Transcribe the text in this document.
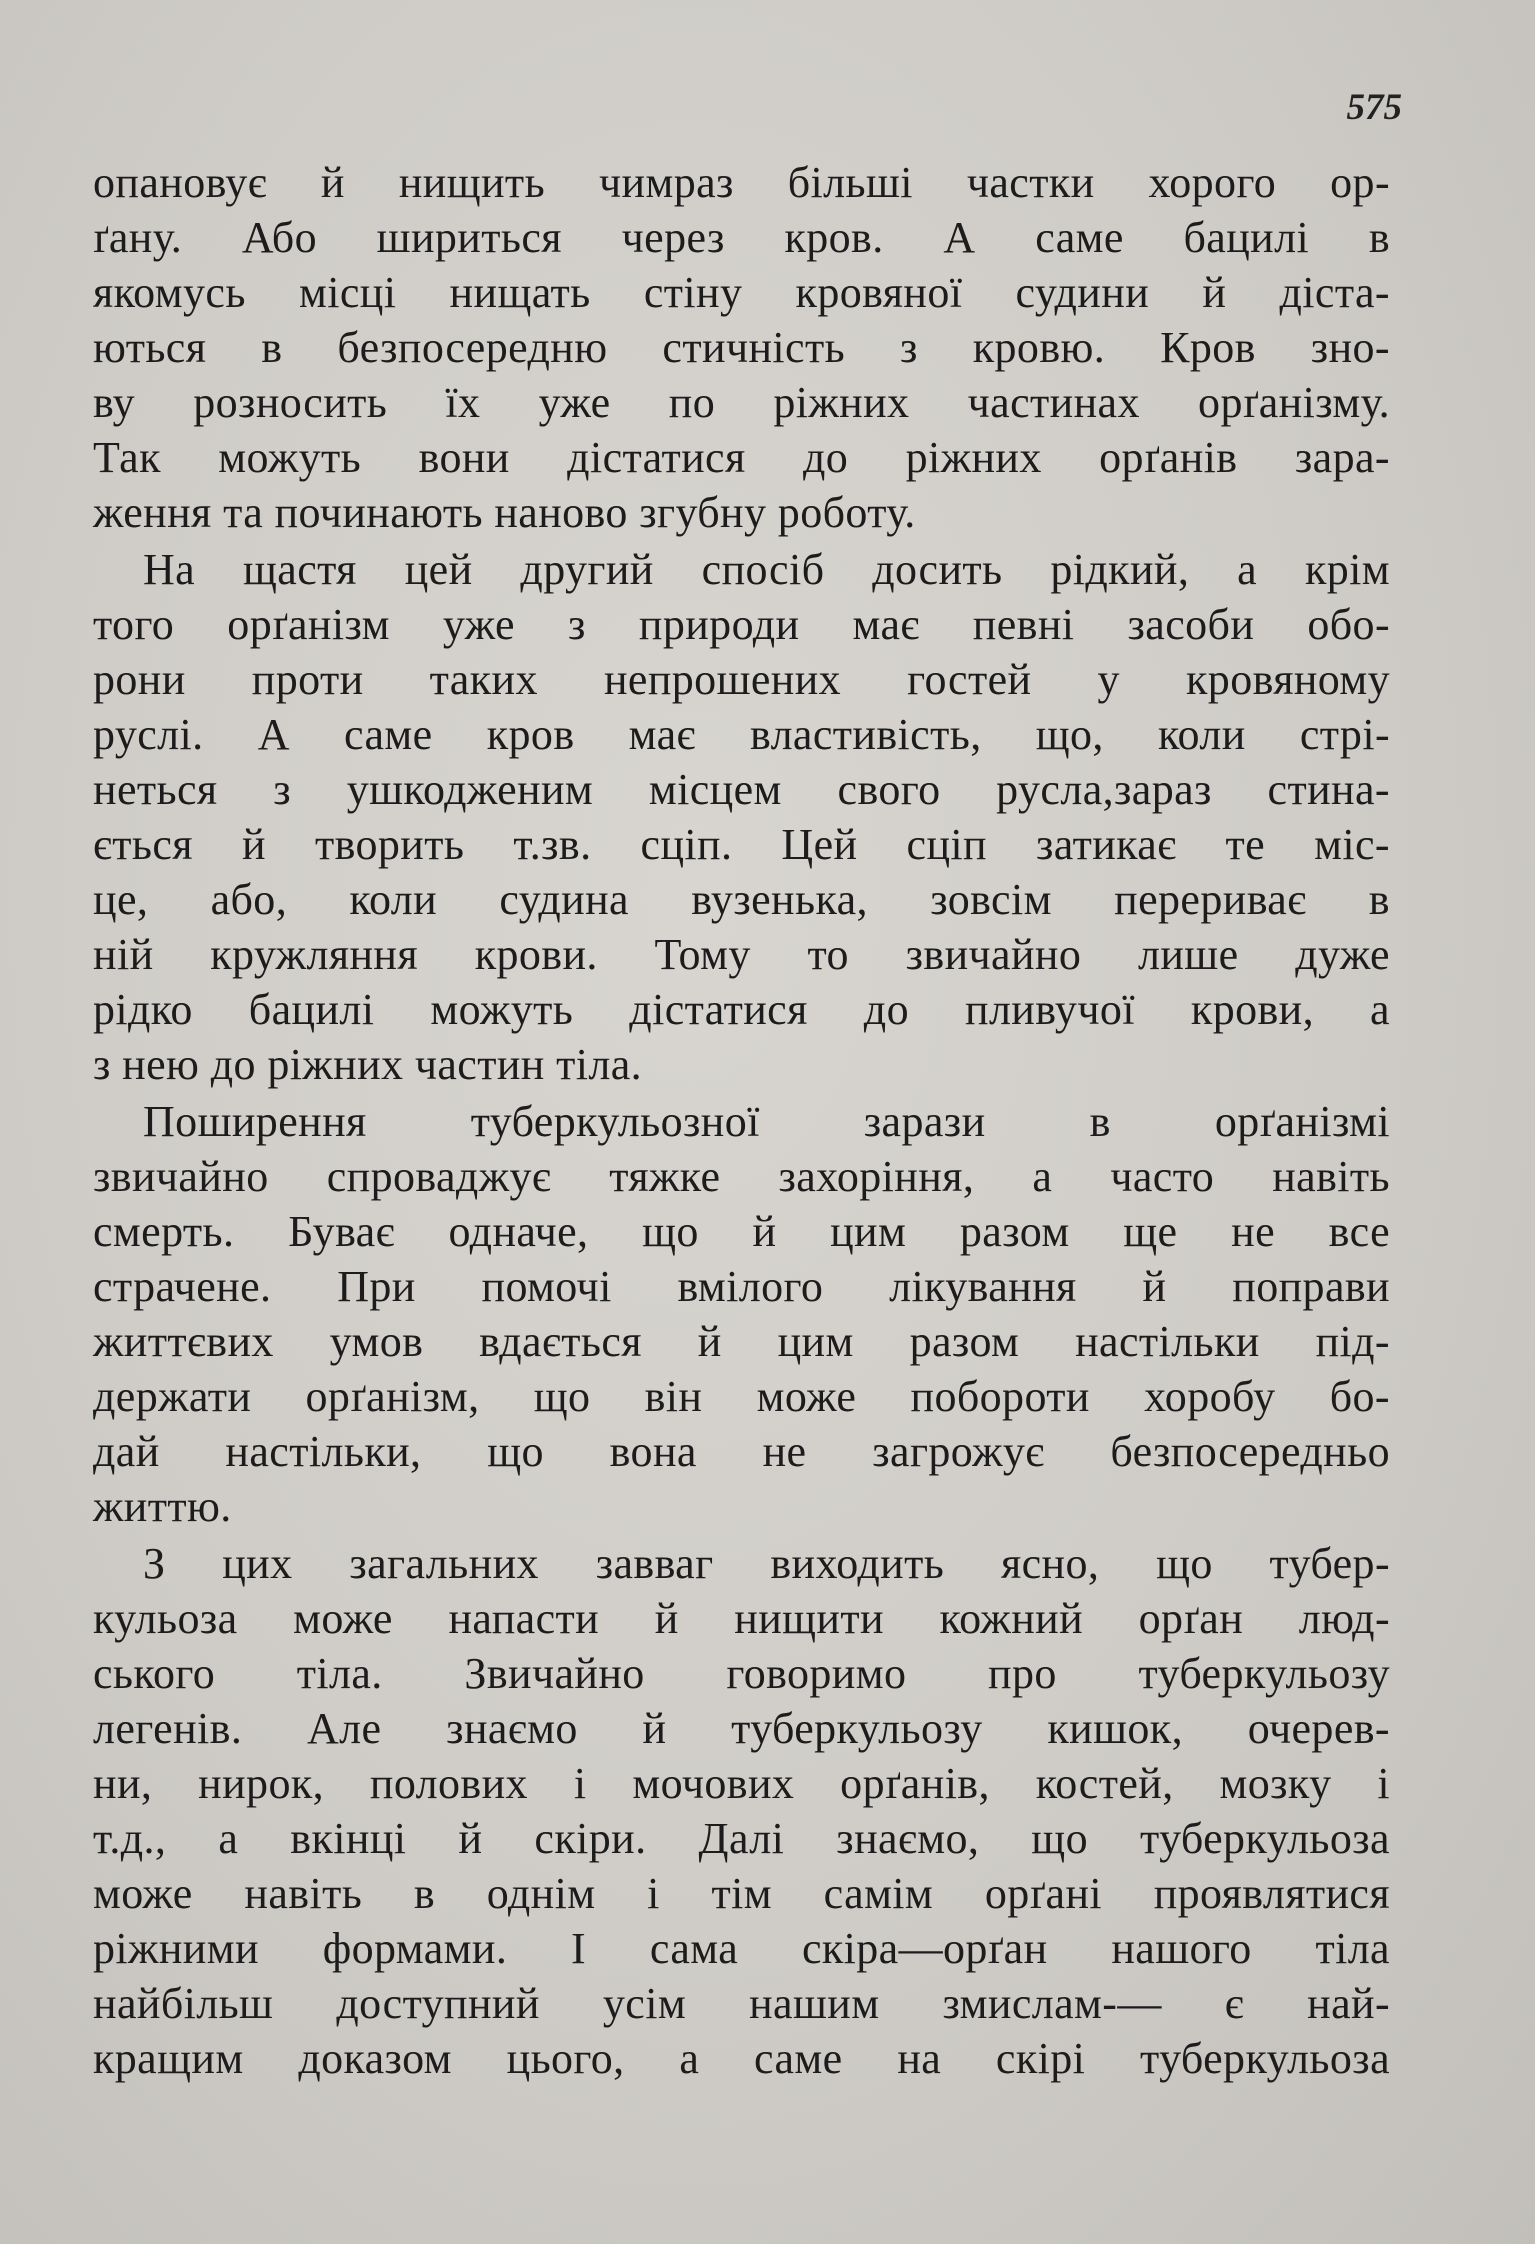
575

опановує й нищить чимраз більші частки хорого ор-
ґану. Або шириться через кров. А саме бацилі в
якомусь місці нищать стіну кровяної судини й діста-
ються в безпосередню стичність з кровю. Кров зно-
ву розносить їх уже по ріжних частинах орґанізму.
Так можуть вони дістатися до ріжних орґанів зара-
ження та починають наново згубну роботу.
На щастя цей другий спосіб досить рідкий, а крім
того орґанізм уже з природи має певні засоби обо-
рони проти таких непрошених гостей у кровяному
руслі. А саме кров має властивість, що, коли стрі-
неться з ушкодженим місцем свого русла,зараз стина-
ється й творить т.зв. сціп. Цей сціп затикає те міс-
це, або, коли судина вузенька, зовсім перериває в
ній кружляння крови. Тому то звичайно лише дуже
рідко бацилі можуть дістатися до пливучої крови, а
з нею до ріжних частин тіла.
Поширення туберкульозної зарази в орґанізмі
звичайно спроваджує тяжке захоріння, а часто навіть
смерть. Буває одначе, що й цим разом ще не все
страчене. При помочі вмілого лікування й поправи
життєвих умов вдається й цим разом настільки під-
держати орґанізм, що він може побороти хоробу бо-
дай настільки, що вона не загрожує безпосередньо
життю.
З цих загальних завваг виходить ясно, що тубер-
кульоза може напасти й нищити кожний орґан люд-
ського тіла. Звичайно говоримо про туберкульозу
легенів. Але знаємо й туберкульозу кишок, очерев-
ни, нирок, полових і мочових орґанів, костей, мозку і
т.д., а вкінці й скіри. Далі знаємо, що туберкульоза
може навіть в однім і тім самім орґані проявлятися
ріжними формами. І сама скіра—орґан нашого тіла
найбільш доступний усім нашим змислам-— є най-
кращим доказом цього, а саме на скірі туберкульоза
